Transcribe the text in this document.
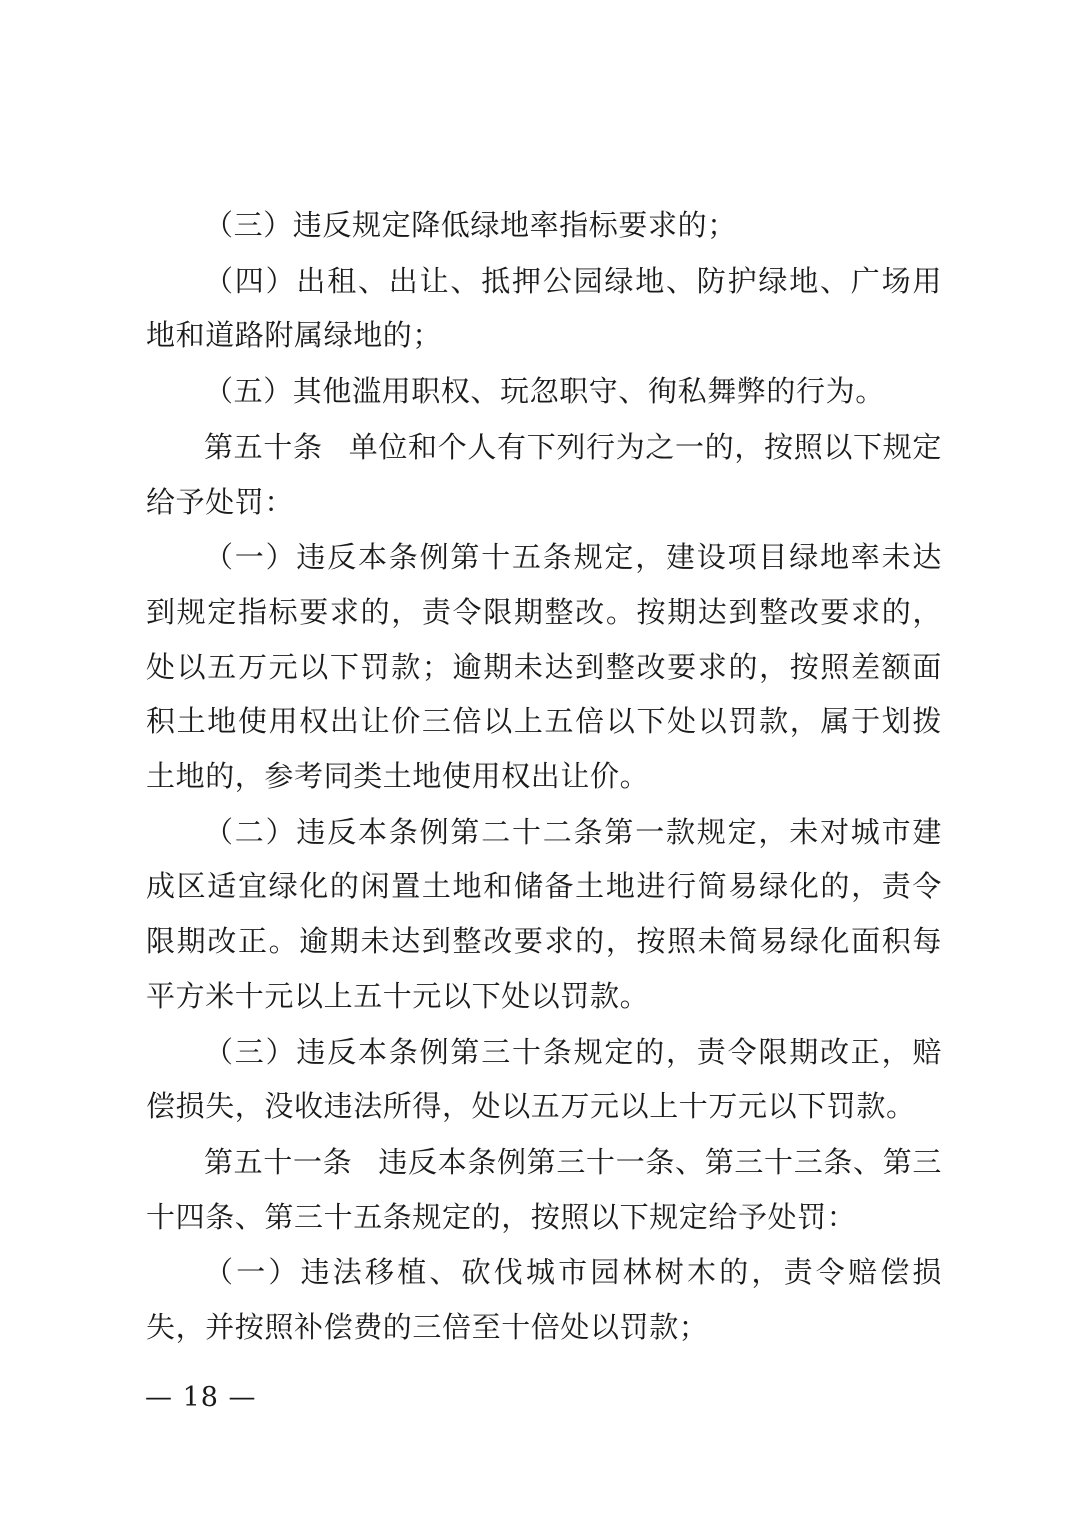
（三）违反规定降低绿地率指标要求的；

（四）出租、出让、抵押公园绿地、防护绿地、广场用地和道路附属绿地的；

（五）其他滥用职权、玩忽职守、徇私舞弊的行为。

第五十条 单位和个人有下列行为之一的，按照以下规定给予处罚：

（一）违反本条例第十五条规定，建设项目绿地率未达到规定指标要求的，责令限期整改。按期达到整改要求的，处以五万元以下罚款；逾期未达到整改要求的，按照差额面积土地使用权出让价三倍以上五倍以下处以罚款，属于划拨土地的，参考同类土地使用权出让价。

（二）违反本条例第二十二条第一款规定，未对城市建成区适宜绿化的闲置土地和储备土地进行简易绿化的，责令限期改正。逾期未达到整改要求的，按照未简易绿化面积每平方米十元以上五十元以下处以罚款。

（三）违反本条例第三十条规定的，责令限期改正，赔偿损失，没收违法所得，处以五万元以上十万元以下罚款。

第五十一条 违反本条例第三十一条、第三十三条、第三十四条、第三十五条规定的，按照以下规定给予处罚：

（一）违法移植、砍伐城市园林树木的，责令赔偿损失，并按照补偿费的三倍至十倍处以罚款；

— 18 —
